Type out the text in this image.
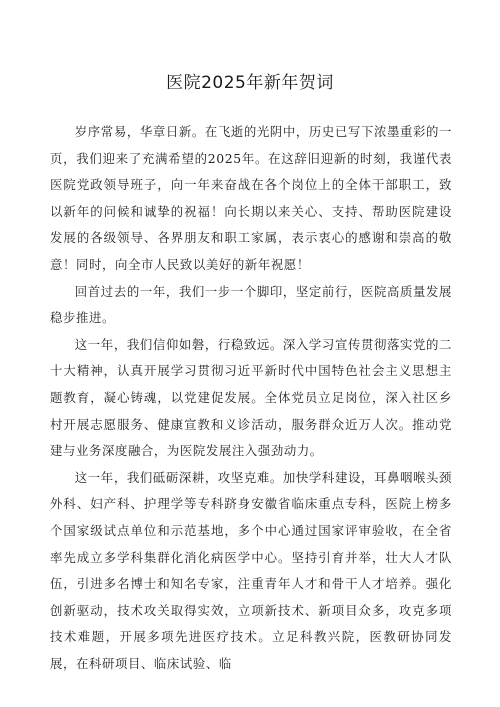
医院2025年新年贺词

岁序常易，华章日新。在飞逝的光阴中，历史已写下浓墨重彩的一页，我们迎来了充满希望的2025年。在这辞旧迎新的时刻，我谨代表医院党政领导班子，向一年来奋战在各个岗位上的全体干部职工，致以新年的问候和诚挚的祝福！向长期以来关心、支持、帮助医院建设发展的各级领导、各界朋友和职工家属，表示衷心的感谢和崇高的敬意！同时，向全市人民致以美好的新年祝愿！

回首过去的一年，我们一步一个脚印，坚定前行，医院高质量发展稳步推进。

这一年，我们信仰如磐，行稳致远。深入学习宣传贯彻落实党的二十大精神，认真开展学习贯彻习近平新时代中国特色社会主义思想主题教育，凝心铸魂，以党建促发展。全体党员立足岗位，深入社区乡村开展志愿服务、健康宣教和义诊活动，服务群众近万人次。推动党建与业务深度融合，为医院发展注入强劲动力。

这一年，我们砥砺深耕，攻坚克难。加快学科建设，耳鼻咽喉头颈外科、妇产科、护理学等专科跻身安徽省临床重点专科，医院上榜多个国家级试点单位和示范基地，多个中心通过国家评审验收，在全省率先成立多学科集群化消化病医学中心。坚持引育并举，壮大人才队伍，引进多名博士和知名专家，注重青年人才和骨干人才培养。强化创新驱动，技术攻关取得实效，立项新技术、新项目众多，攻克多项技术难题，开展多项先进医疗技术。立足科教兴院，医教研协同发展，在科研项目、临床试验、临
